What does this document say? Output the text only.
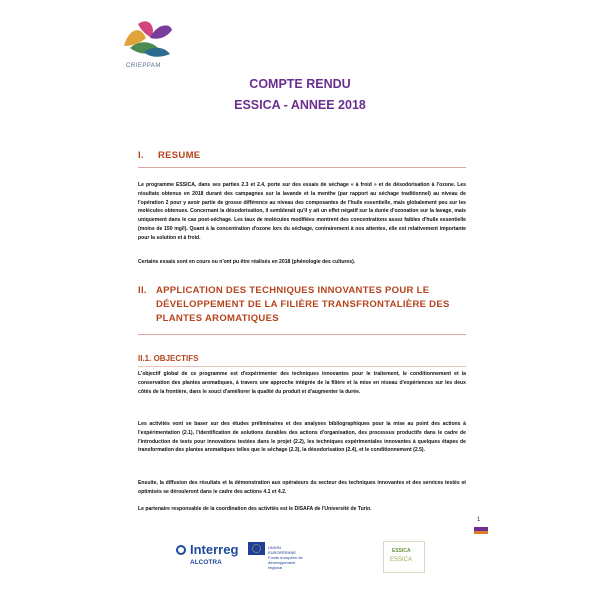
CRIEPPAM
COMPTE RENDU
ESSICA - ANNEE 2018
I. RESUME
Le programme ESSICA, dans ses parties 2.3 et 2.4, porte sur des essais de séchage « à froid » et de désodorisation à l'ozone. Les résultats obtenus en 2018 durant des campagnes sur la lavande et la menthe (par rapport au séchage traditionnel) au niveau de l'opération 2 pour y avoir partie de grosse différence au niveau des composantes de l'huile essentielle, mais globalement peu sur les molécules obtenues. Concernant la désodorisation, il semblerait qu'il y ait un effet négatif sur la durée d'ozonation sur la lavage, mais uniquement dans le cas post-séchage. Les taux de molécules modifiées montrent des concentrations assez faibles d'huile essentielle (moins de 150 mg/l). Quant à la concentration d'ozone lors du séchage, contrairement à nos attentes, elle est relativement importante pour la solution et à froid.
Certains essais sont en cours ou n'ont pu être réalisés en 2018 (phénologie des cultures).
II. APPLICATION DES TECHNIQUES INNOVANTES POUR LE
DÉVELOPPEMENT DE LA FILIÈRE TRANSFRONTALIÈRE DES
PLANTES AROMATIQUES
II.1. OBJECTIFS
L'objectif global de ce programme est d'expérimenter des techniques innovantes pour le traitement, le conditionnement et la conservation des plantes aromatiques, à travers une approche intégrée de la filière et la mise en réseau d'expériences sur les deux côtés de la frontière, dans le souci d'améliorer la qualité du produit et d'augmenter la durée.
Les activités vont se baser sur des études préliminaires et des analyses bibliographiques pour la mise au point des actions à l'expérimentation (2.1), l'identification de solutions durables des actions d'organisation, des processus productifs dans le cadre de l'introduction de tests pour innovations testées dans le projet (2.2), les techniques expérimentales innovantes à quelques étapes de transformation des plantes aromatiques telles que le séchage (2.3), la désodorisation (2.4), et le conditionnement (2.5).
Ensuite, la diffusion des résultats et la démonstration aux opérateurs du secteur des techniques innovantes et des services testés et optimisés se dérouleront dans le cadre des actions 4.1 et 4.2.
Le partenaire responsable de la coordination des activités est le DISAFA de l'Université de Turin.
1
Interreg
ALCOTRA
UNION EUROPÉENNE Fonds européen de développement régional
ESSICA
ESSICA
